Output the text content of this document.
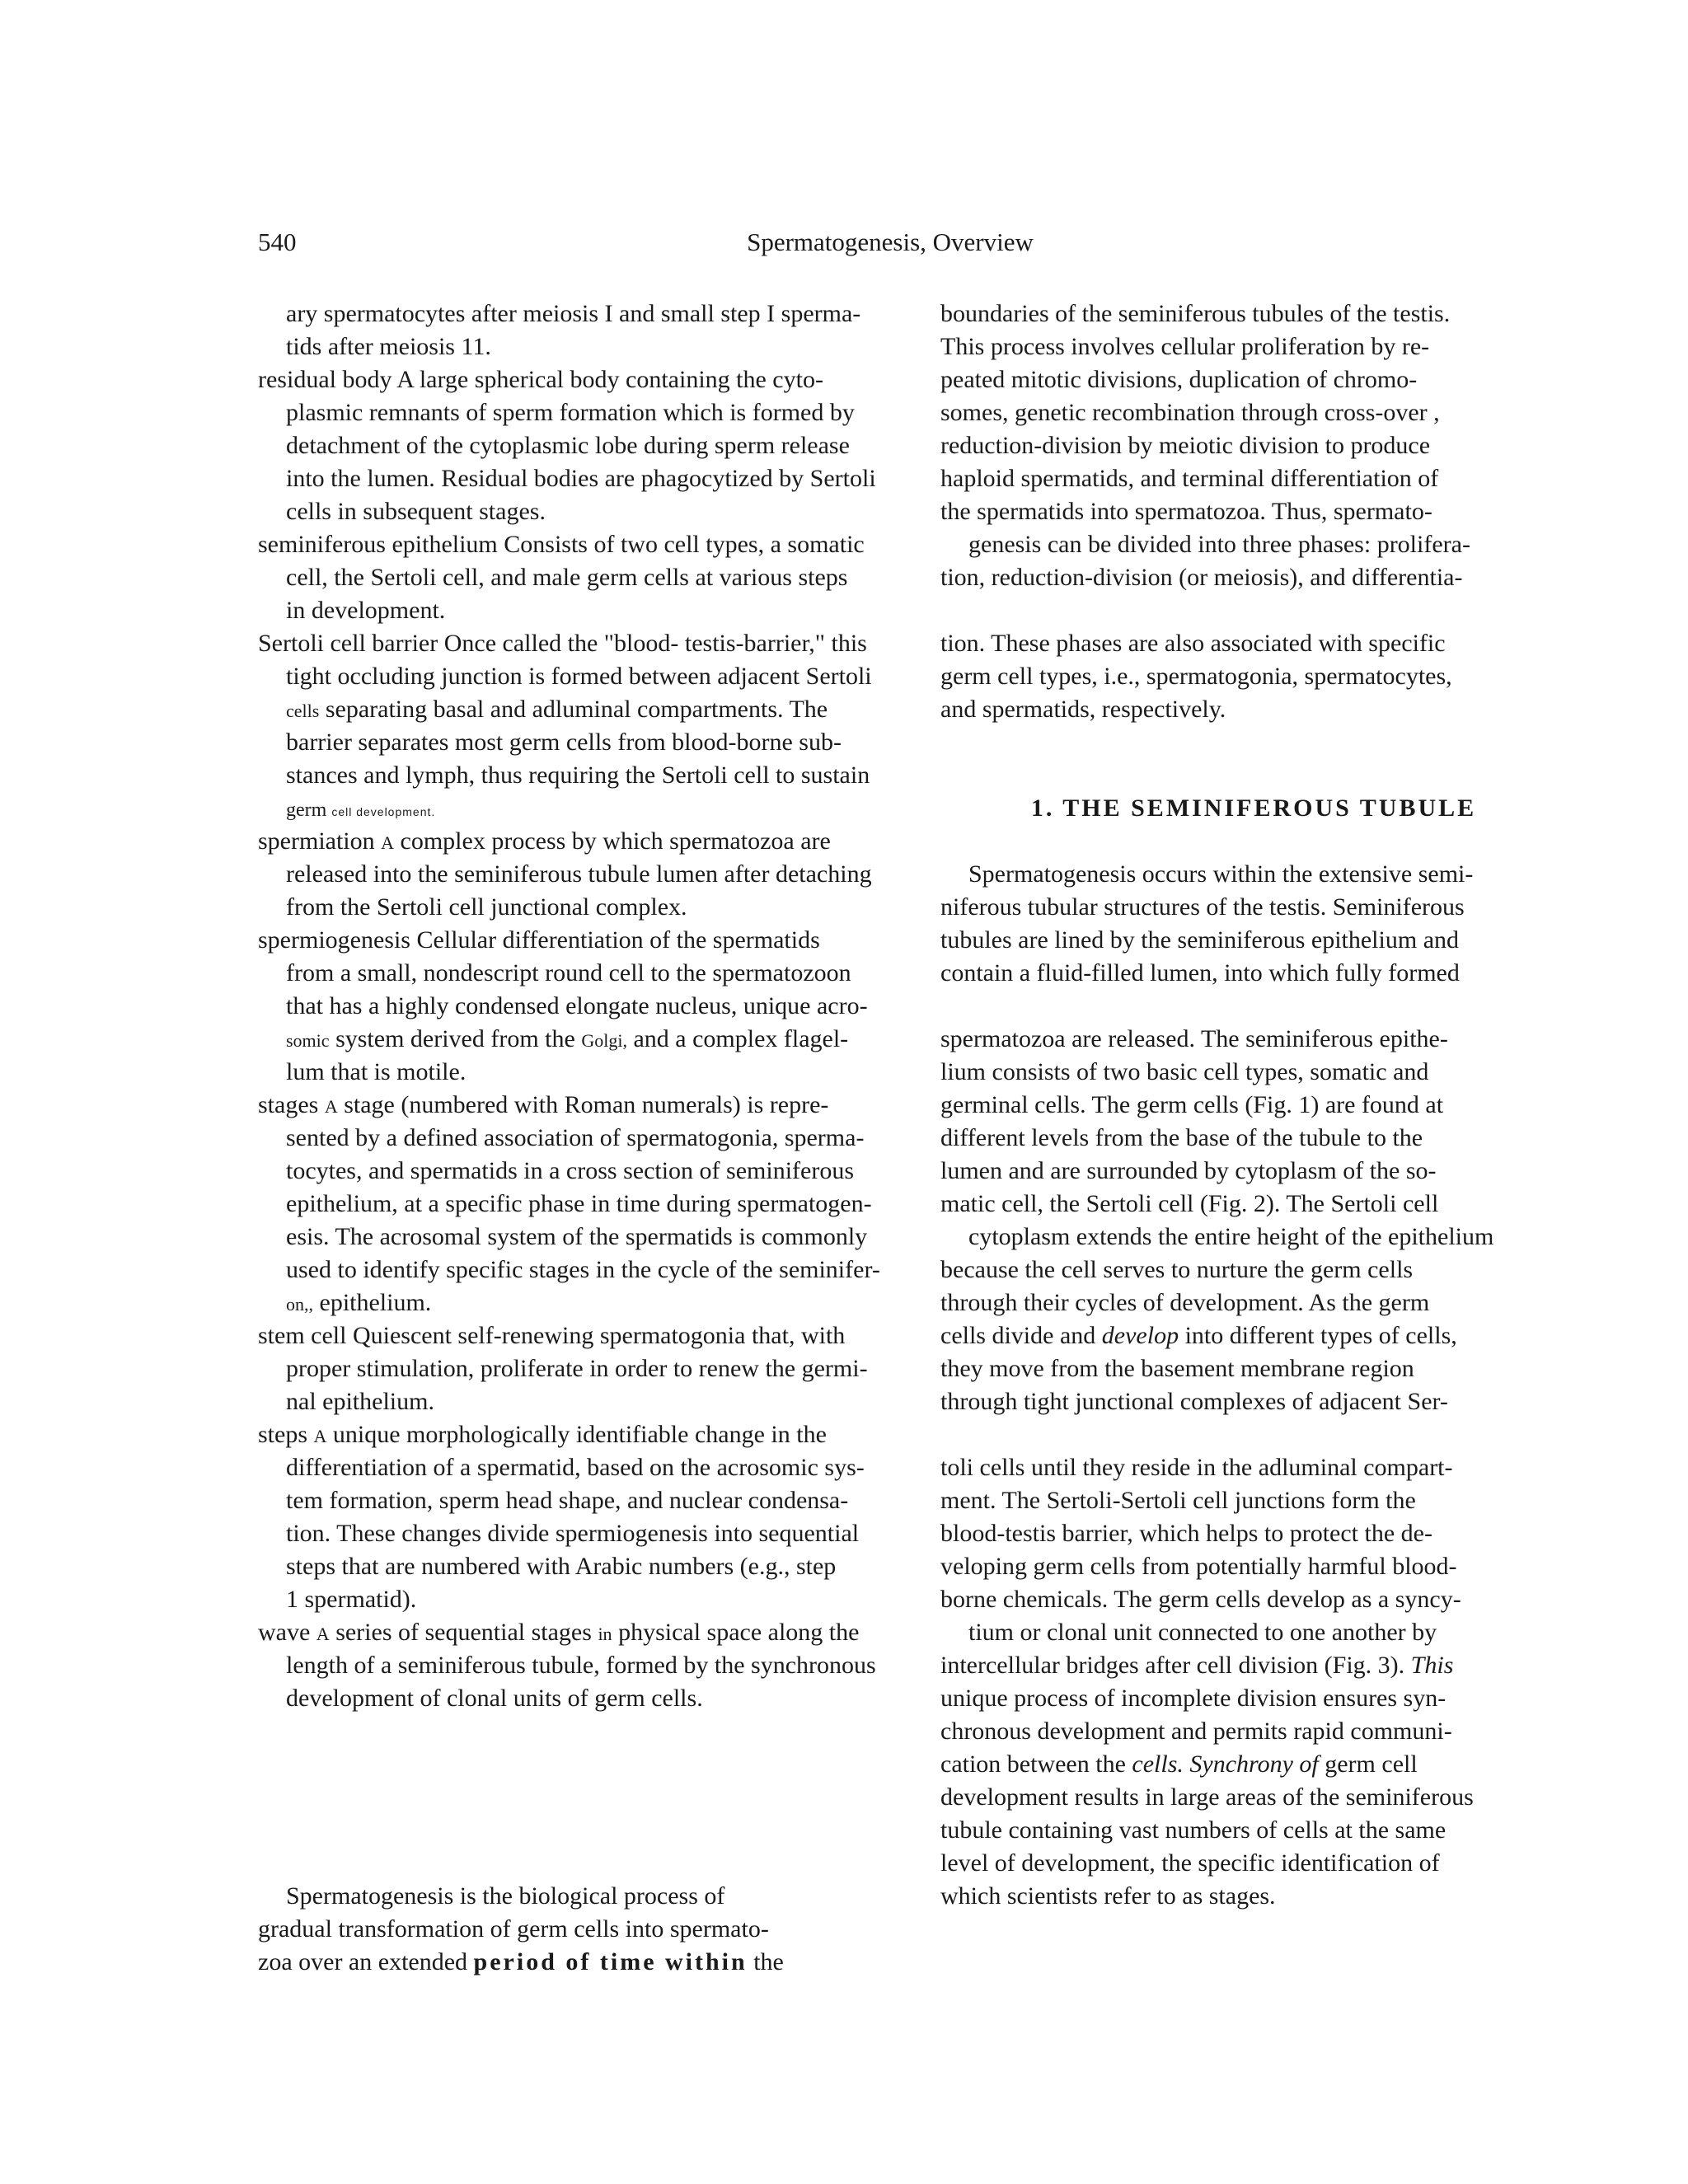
540	Spermatogenesis, Overview
ary spermatocytes after meiosis I and small step I sperma-
tids after meiosis 11.
residual body A large spherical body containing the cyto-
plasmic remnants of sperm formation which is formed by
detachment of the cytoplasmic lobe during sperm release
into the lumen. Residual bodies are phagocytized by Sertoli
cells in subsequent stages.
seminiferous epithelium Consists of two cell types, a somatic
cell, the Sertoli cell, and male germ cells at various steps
in development.
Sertoli cell barrier Once called the "blood- testis-barrier," this
tight occluding junction is formed between adjacent Sertoli
cells separating basal and adluminal compartments. The
barrier separates most germ cells from blood-borne sub-
stances and lymph, thus requiring the Sertoli cell to sustain
germ cell development.
spermiation A complex process by which spermatozoa are
released into the seminiferous tubule lumen after detaching
from the Sertoli cell junctional complex.
spermiogenesis Cellular differentiation of the spermatids
from a small, nondescript round cell to the spermatozoon
that has a highly condensed elongate nucleus, unique acro-
somic system derived from the Golgi, and a complex flagel-
lum that is motile.
stages A stage (numbered with Roman numerals) is repre-
sented by a defined association of spermatogonia, sperma-
tocytes, and spermatids in a cross section of seminiferous
epithelium, at a specific phase in time during spermatogen-
esis. The acrosomal system of the spermatids is commonly
used to identify specific stages in the cycle of the seminifer-
on,, epithelium.
stem cell Quiescent self-renewing spermatogonia that, with
proper stimulation, proliferate in order to renew the germi-
nal epithelium.
steps A unique morphologically identifiable change in the
differentiation of a spermatid, based on the acrosomic sys-
tem formation, sperm head shape, and nuclear condensa-
tion. These changes divide spermiogenesis into sequential
steps that are numbered with Arabic numbers (e.g., step
1 spermatid).
wave A series of sequential stages in physical space along the
length of a seminiferous tubule, formed by the synchronous
development of clonal units of germ cells.
Spermatogenesis is the biological process of
gradual transformation of germ cells into spermato-
zoa over an extended period of time within the
boundaries of the seminiferous tubules of the testis.
This process involves cellular proliferation by re-
peated mitotic divisions, duplication of chromo-
somes, genetic recombination through cross-over ,
reduction-division by meiotic division to produce
haploid spermatids, and terminal differentiation of
the spermatids into spermatozoa. Thus, spermato-
genesis can be divided into three phases: prolifera-
tion, reduction-division (or meiosis), and differentia-
tion. These phases are also associated with specific
germ cell types, i.e., spermatogonia, spermatocytes,
and spermatids, respectively.
1. THE SEMINIFEROUS TUBULE
Spermatogenesis occurs within the extensive semi-
niferous tubular structures of the testis. Seminiferous
tubules are lined by the seminiferous epithelium and
contain a fluid-filled lumen, into which fully formed
spermatozoa are released. The seminiferous epithe-
lium consists of two basic cell types, somatic and
germinal cells. The germ cells (Fig. 1) are found at
different levels from the base of the tubule to the
lumen and are surrounded by cytoplasm of the so-
matic cell, the Sertoli cell (Fig. 2). The Sertoli cell
cytoplasm extends the entire height of the epithelium
because the cell serves to nurture the germ cells
through their cycles of development. As the germ
cells divide and develop into different types of cells,
they move from the basement membrane region
through tight junctional complexes of adjacent Ser-
toli cells until they reside in the adluminal compart-
ment. The Sertoli-Sertoli cell junctions form the
blood-testis barrier, which helps to protect the de-
veloping germ cells from potentially harmful blood-
borne chemicals. The germ cells develop as a syncy-
tium or clonal unit connected to one another by
intercellular bridges after cell division (Fig. 3). This
unique process of incomplete division ensures syn-
chronous development and permits rapid communi-
cation between the cells. Synchrony of germ cell
development results in large areas of the seminiferous
tubule containing vast numbers of cells at the same
level of development, the specific identification of
which scientists refer to as stages.
